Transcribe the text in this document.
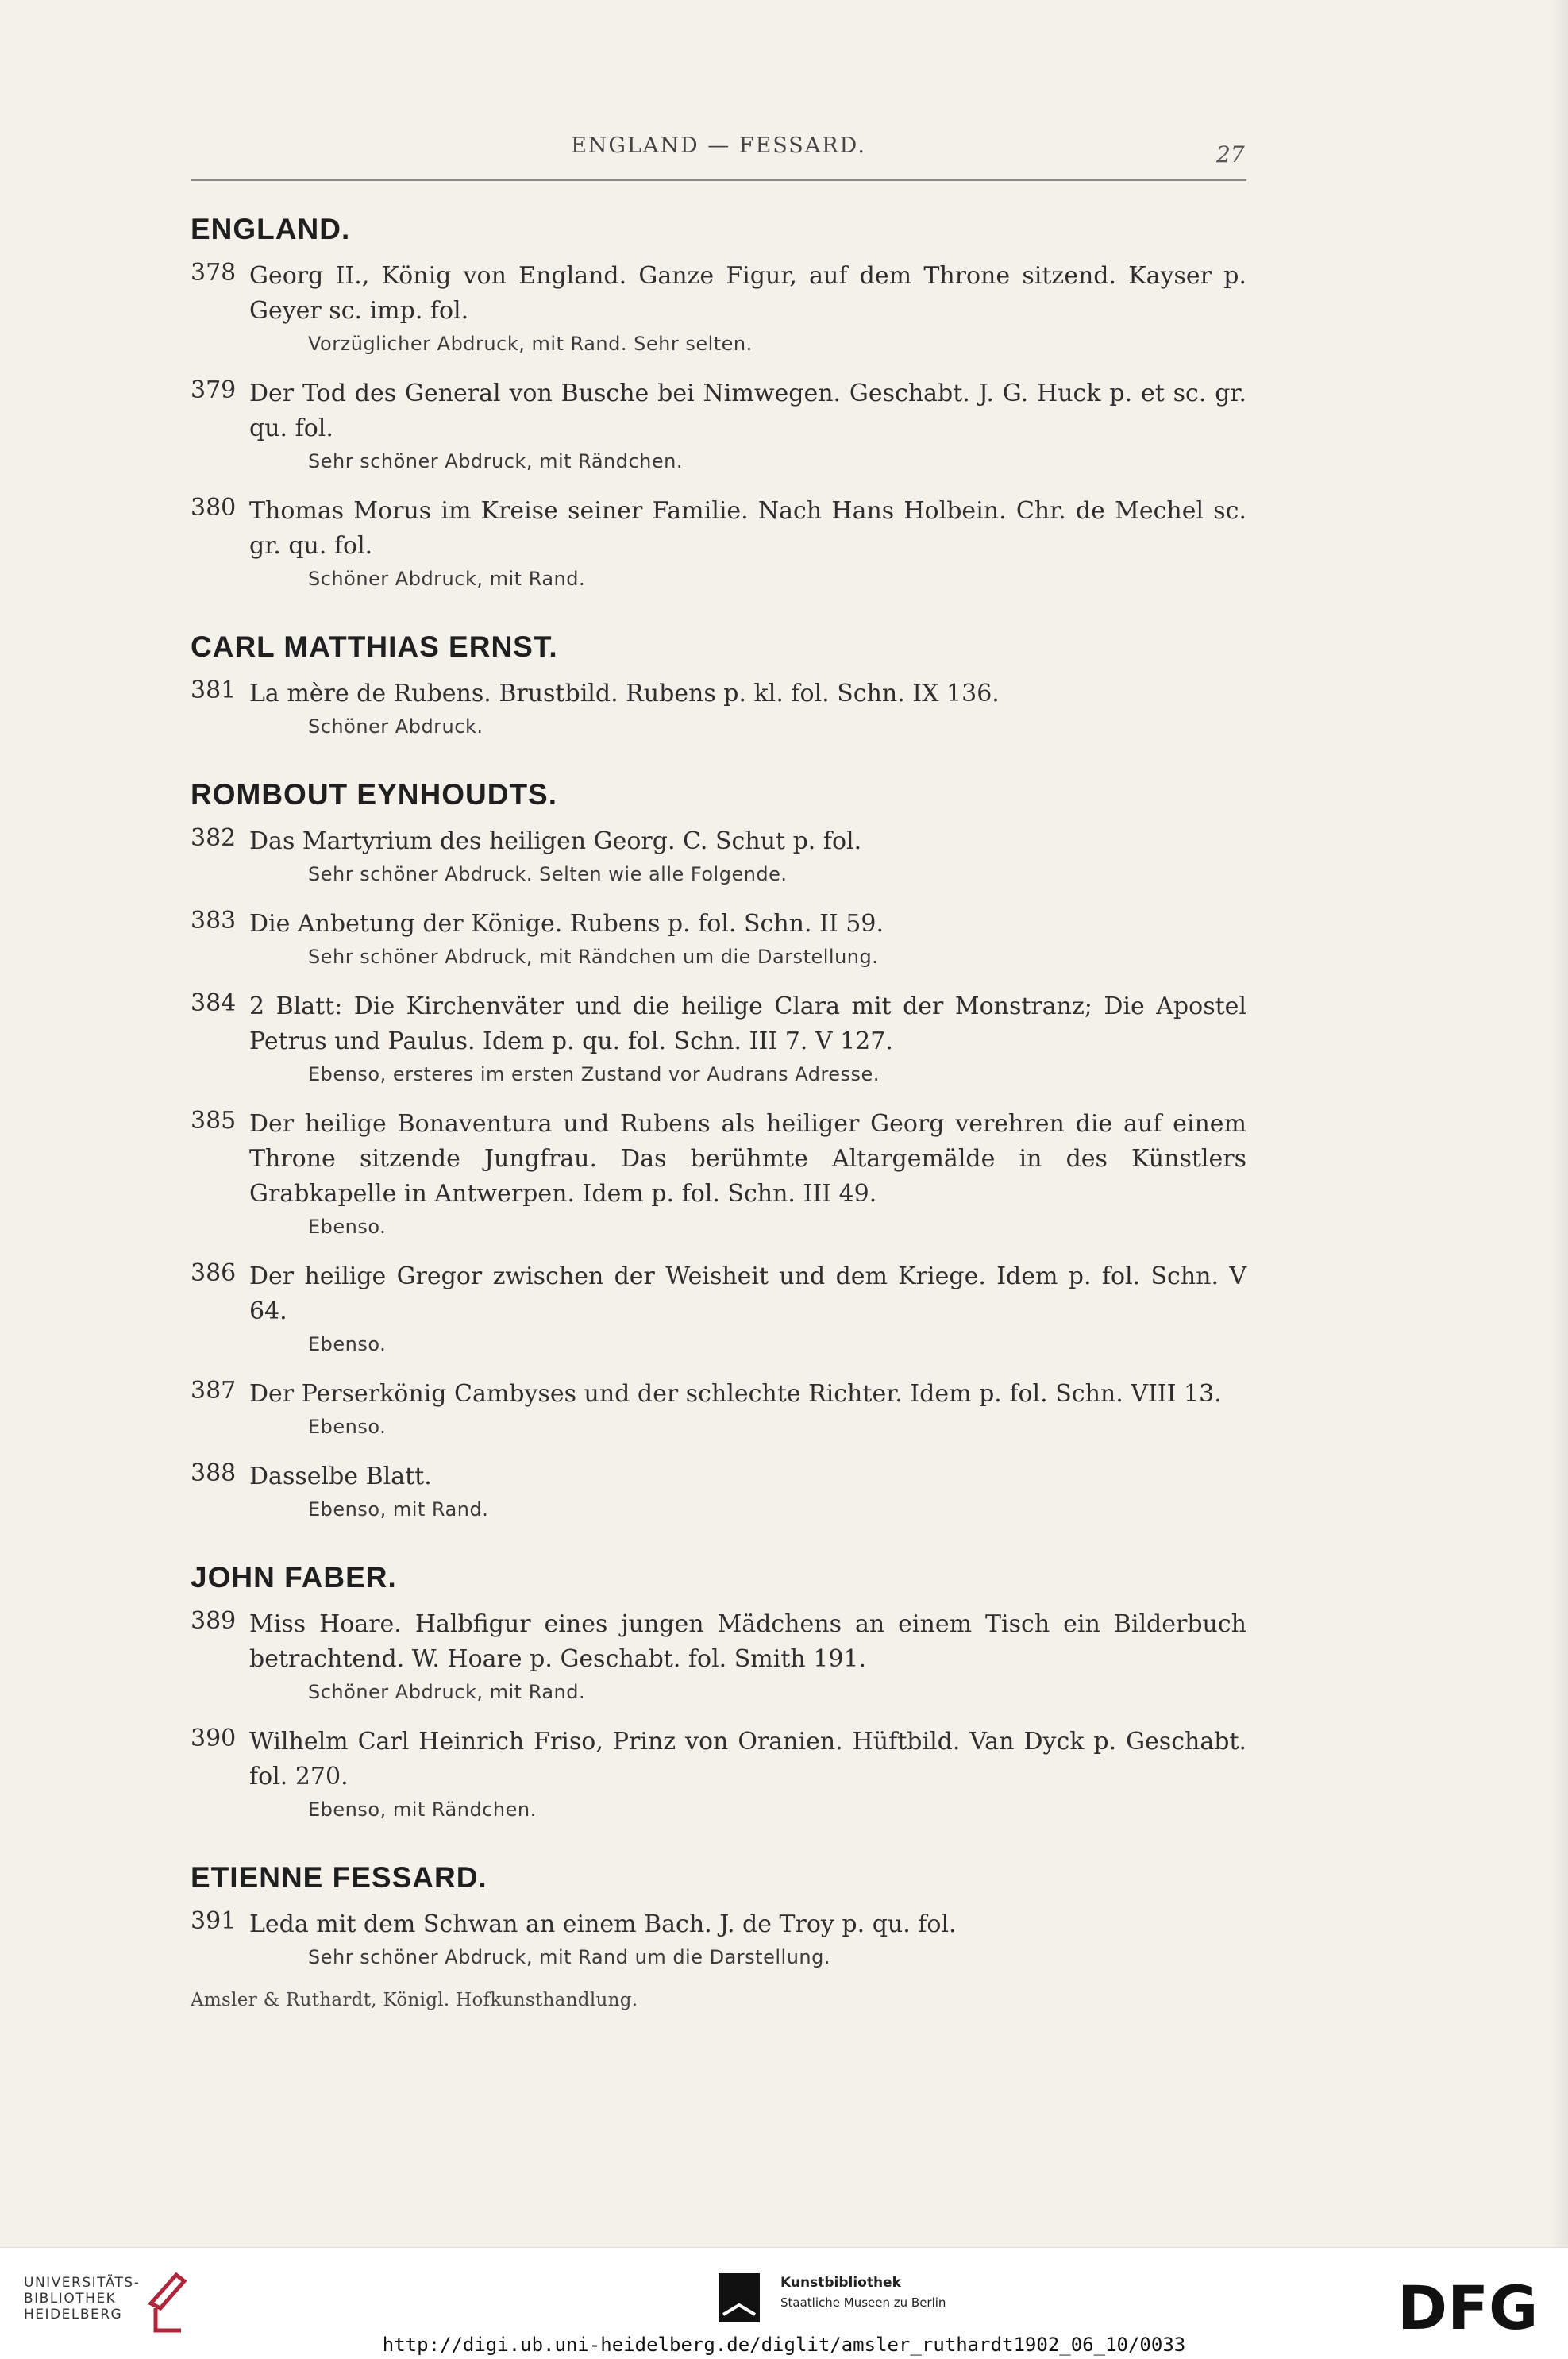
ENGLAND — FESSARD.	27
ENGLAND.
378 Georg II., König von England. Ganze Figur, auf dem Throne sitzend. Kayser p. Geyer sc. imp. fol.
Vorzüglicher Abdruck, mit Rand. Sehr selten.
379 Der Tod des General von Busche bei Nimwegen. Geschabt. J. G. Huck p. et sc. gr. qu. fol.
Sehr schöner Abdruck, mit Rändchen.
380 Thomas Morus im Kreise seiner Familie. Nach Hans Holbein. Chr. de Mechel sc. gr. qu. fol.
Schöner Abdruck, mit Rand.
CARL MATTHIAS ERNST.
381 La mère de Rubens. Brustbild. Rubens p. kl. fol. Schn. IX 136.
Schöner Abdruck.
ROMBOUT EYNHOUDTS.
382 Das Martyrium des heiligen Georg. C. Schut p. fol.
Sehr schöner Abdruck. Selten wie alle Folgende.
383 Die Anbetung der Könige. Rubens p. fol. Schn. II 59.
Sehr schöner Abdruck, mit Rändchen um die Darstellung.
384 2 Blatt: Die Kirchenväter und die heilige Clara mit der Monstranz; Die Apostel Petrus und Paulus. Idem p. qu. fol. Schn. III 7. V 127.
Ebenso, ersteres im ersten Zustand vor Audrans Adresse.
385 Der heilige Bonaventura und Rubens als heiliger Georg verehren die auf einem Throne sitzende Jungfrau. Das berühmte Altargemälde in des Künstlers Grabkapelle in Antwerpen. Idem p. fol. Schn. III 49.
Ebenso.
386 Der heilige Gregor zwischen der Weisheit und dem Kriege. Idem p. fol. Schn. V 64.
Ebenso.
387 Der Perserkönig Cambyses und der schlechte Richter. Idem p. fol. Schn. VIII 13.
Ebenso.
388 Dasselbe Blatt.
Ebenso, mit Rand.
JOHN FABER.
389 Miss Hoare. Halbfigur eines jungen Mädchens an einem Tisch ein Bilderbuch betrachtend. W. Hoare p. Geschabt. fol. Smith 191.
Schöner Abdruck, mit Rand.
390 Wilhelm Carl Heinrich Friso, Prinz von Oranien. Hüftbild. Van Dyck p. Geschabt. fol. 270.
Ebenso, mit Rändchen.
ETIENNE FESSARD.
391 Leda mit dem Schwan an einem Bach. J. de Troy p. qu. fol.
Sehr schöner Abdruck, mit Rand um die Darstellung.
Amsler & Ruthardt, Königl. Hofkunsthandlung.
UNIVERSITÄTS-
BIBLIOTHEK
HEIDELBERG
Kunstbibliothek
Staatliche Museen zu Berlin	DFG
http://digi.ub.uni-heidelberg.de/diglit/amsler_ruthardt1902_06_10/0033
